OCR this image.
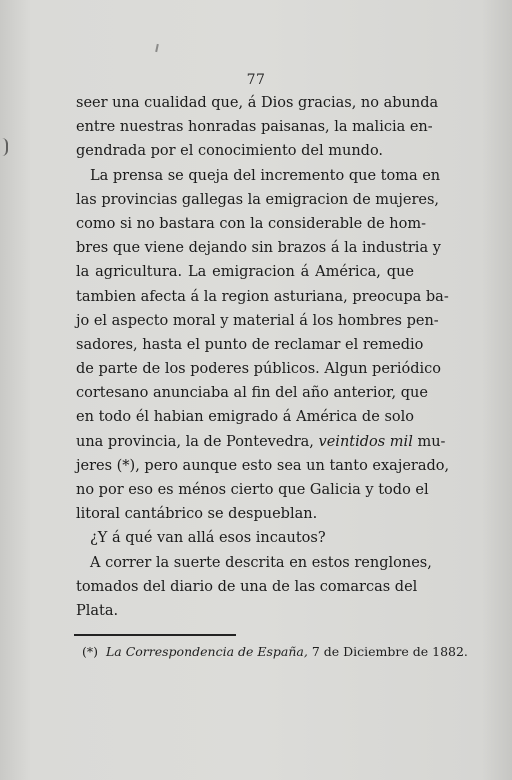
77
seer una cualidad que, á Dios gracias, no abunda
entre nuestras honradas paisanas, la malicia en-
gendrada por el conocimiento del mundo.
La prensa se queja del incremento que toma en
las provincias gallegas la emigracion de mujeres,
como si no bastara con la considerable de hom-
bres que viene dejando sin brazos á la industria y
la agricultura. La emigracion á América, que
tambien afecta á la region asturiana, preocupa ba-
jo el aspecto moral y material á los hombres pen-
sadores, hasta el punto de reclamar el remedio
de parte de los poderes públicos. Algun periódico
cortesano anunciaba al fin del año anterior, que
en todo él habian emigrado á América de solo
una provincia, la de Pontevedra, veintidos mil mu-
jeres (*), pero aunque esto sea un tanto exajerado,
no por eso es ménos cierto que Galicia y todo el
litoral cantábrico se despueblan.
¿Y á qué van allá esos incautos?
A correr la suerte descrita en estos renglones,
tomados del diario de una de las comarcas del
Plata.
(*) La Correspondencia de España, 7 de Diciembre de 1882.
